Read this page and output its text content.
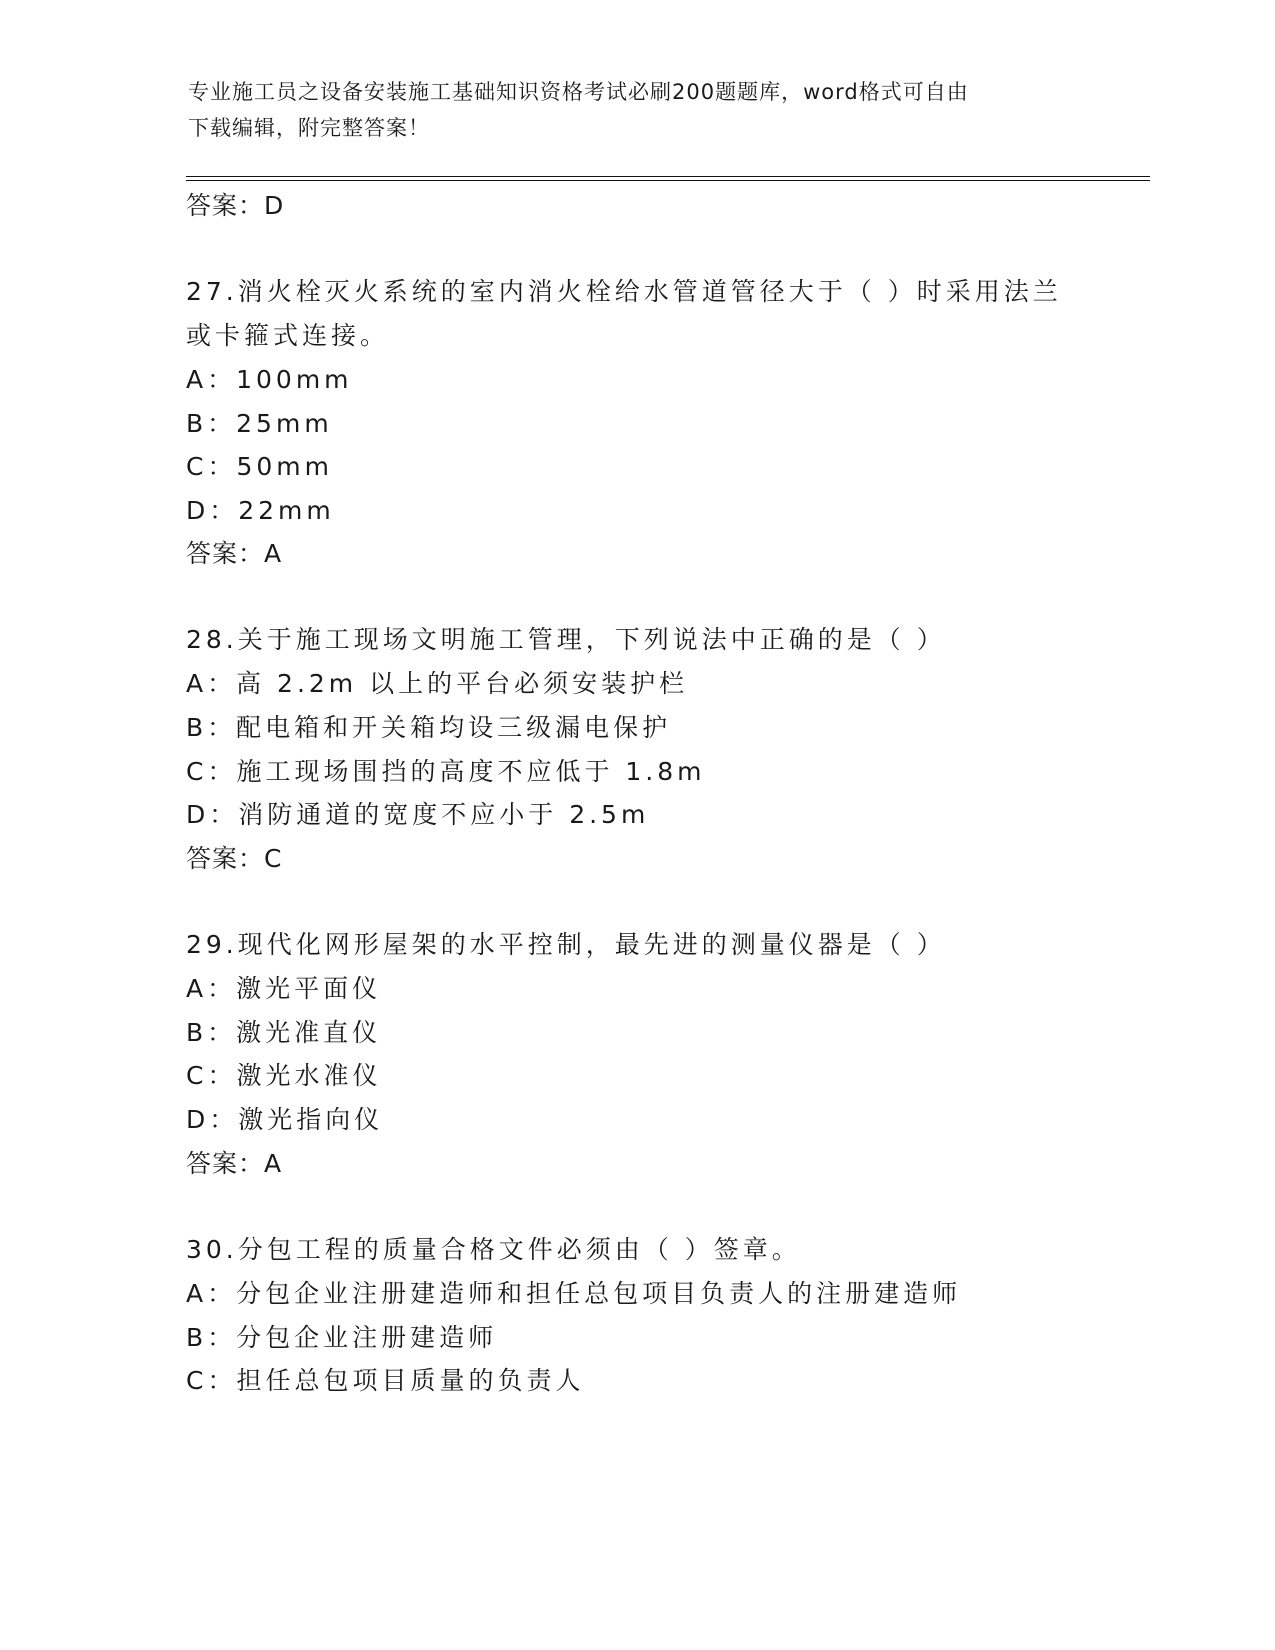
专业施工员之设备安装施工基础知识资格考试必刷200题题库，word格式可自由
下载编辑，附完整答案！
答案：D
27.消火栓灭火系统的室内消火栓给水管道管径大于（ ）时采用法兰
或卡箍式连接。
A：100mm
B：25mm
C：50mm
D：22mm
答案：A
28.关于施工现场文明施工管理，下列说法中正确的是（ ）
A：高 2.2m 以上的平台必须安装护栏
B：配电箱和开关箱均设三级漏电保护
C：施工现场围挡的高度不应低于 1.8m
D：消防通道的宽度不应小于 2.5m
答案：C
29.现代化网形屋架的水平控制，最先进的测量仪器是（ ）
A：激光平面仪
B：激光准直仪
C：激光水准仪
D：激光指向仪
答案：A
30.分包工程的质量合格文件必须由（ ）签章。
A：分包企业注册建造师和担任总包项目负责人的注册建造师
B：分包企业注册建造师
C：担任总包项目质量的负责人
